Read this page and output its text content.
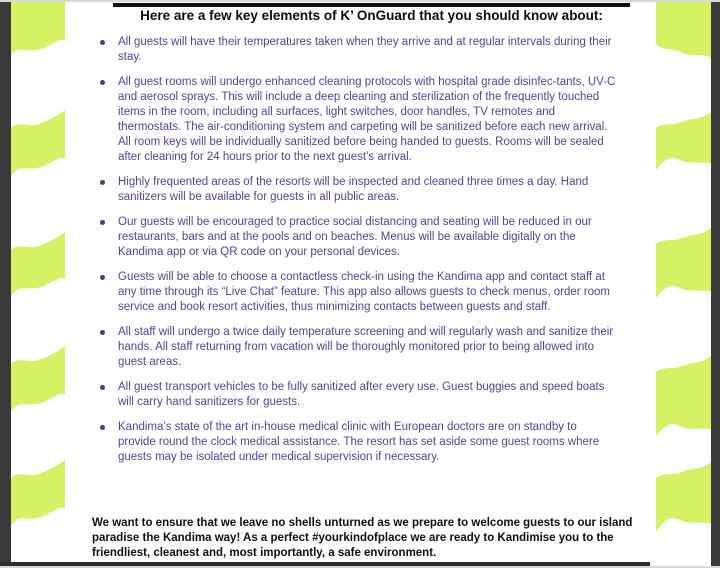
Here are a few key elements of K’ OnGuard that you should know about:
All guests will have their temperatures taken when they arrive and at regular intervals during their stay.
All guest rooms will undergo enhanced cleaning protocols with hospital grade disinfec-tants, UV-C and aerosol sprays. This will include a deep cleaning and sterilization of the frequently touched items in the room, including all surfaces, light switches, door handles, TV remotes and thermostats. The air-conditioning system and carpeting will be sanitized before each new arrival. All room keys will be individually sanitized before being handed to guests. Rooms will be sealed after cleaning for 24 hours prior to the next guest’s arrival.
Highly frequented areas of the resorts will be inspected and cleaned three times a day. Hand sanitizers will be available for guests in all public areas.
Our guests will be encouraged to practice social distancing and seating will be reduced in our restaurants, bars and at the pools and on beaches. Menus will be available digitally on the Kandima app or via QR code on your personal devices.
Guests will be able to choose a contactless check-in using the Kandima app and contact staff at any time through its “Live Chat” feature. This app also allows guests to check menus, order room service and book resort activities, thus minimizing contacts between guests and staff.
All staff will undergo a twice daily temperature screening and will regularly wash and sanitize their hands. All staff returning from vacation will be thoroughly monitored prior to being allowed into guest areas.
All guest transport vehicles to be fully sanitized after every use. Guest buggies and speed boats will carry hand sanitizers for guests.
Kandima’s state of the art in-house medical clinic with European doctors are on standby to provide round the clock medical assistance. The resort has set aside some guest rooms where guests may be isolated under medical supervision if necessary.

We want to ensure that we leave no shells unturned as we prepare to welcome guests to our island paradise the Kandima way! As a perfect #yourkindofplace we are ready to Kandimise you to the friendliest, cleanest and, most importantly, a safe environment.
